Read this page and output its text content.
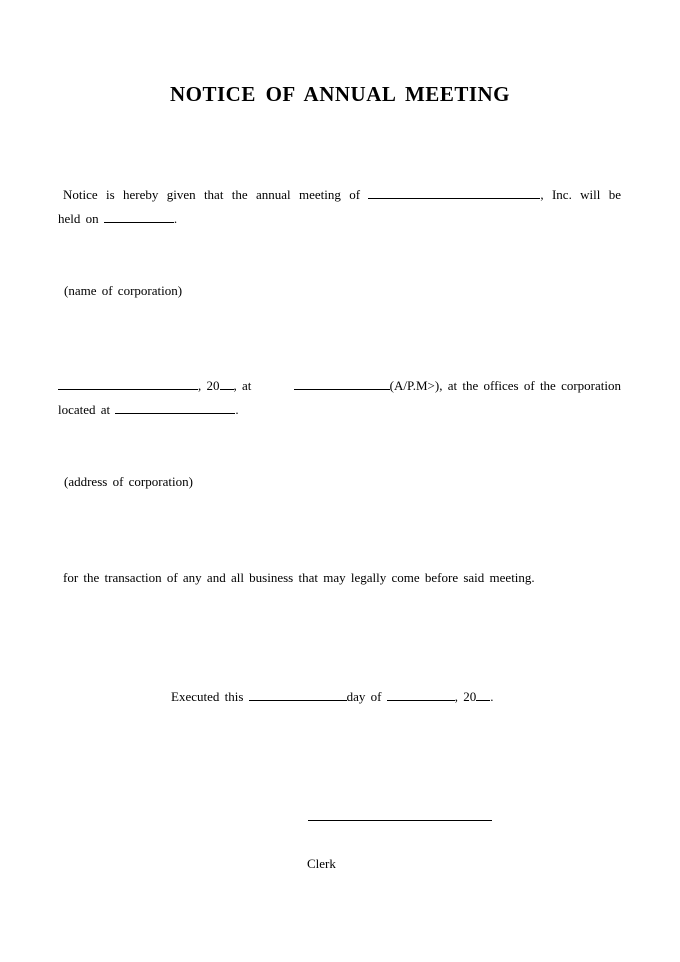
NOTICE OF ANNUAL MEETING
Notice is hereby given that the annual meeting of	, Inc. will be
held on	.
(name of corporation)
, 20 , at	(A/P.M>), at the offices of the corporation
located at	.
(address of corporation)
for the transaction of any and all business that may legally come before said meeting.
Executed this	day of	, 20 .
Clerk
